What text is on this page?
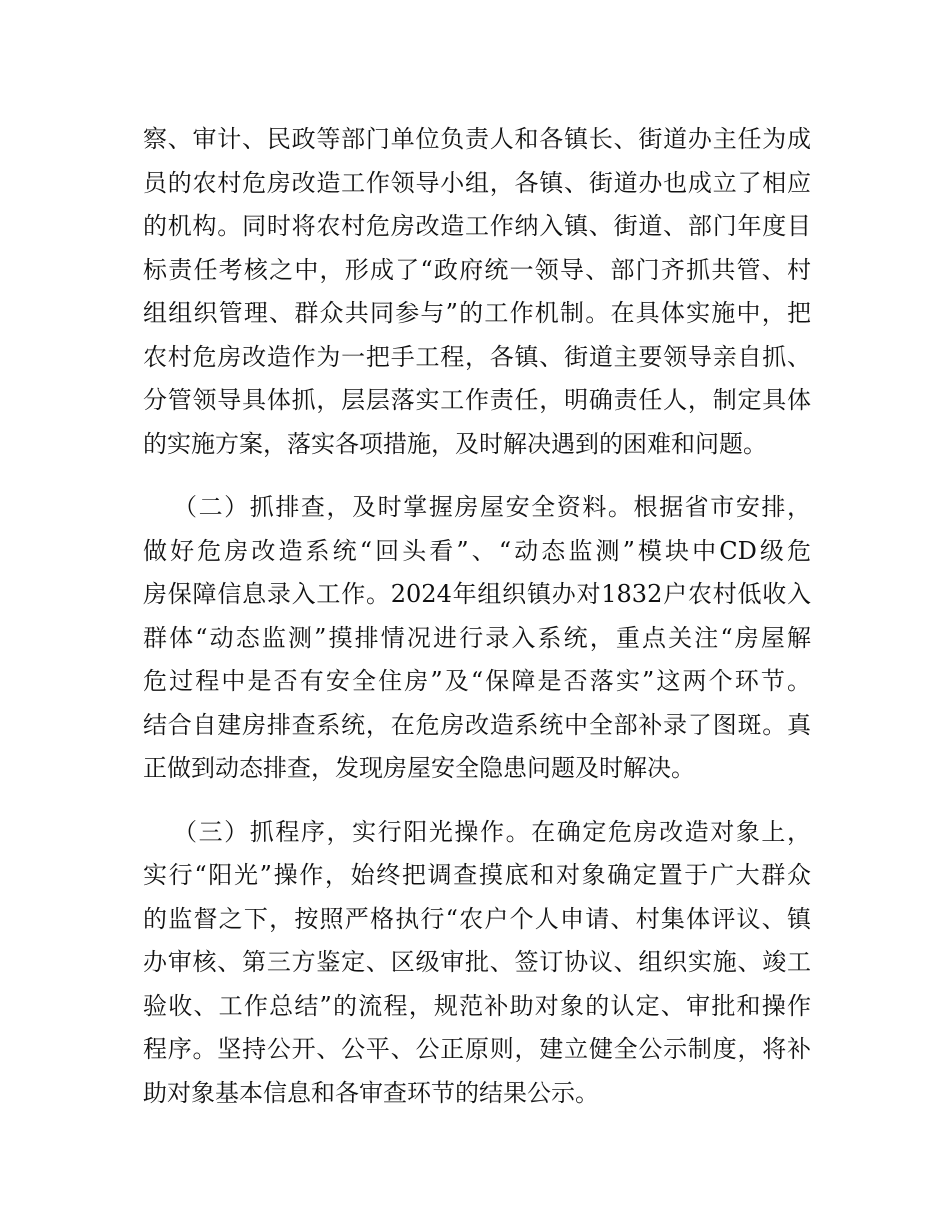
察、审计、民政等部门单位负责人和各镇长、街道办主任为成
员的农村危房改造工作领导小组，各镇、街道办也成立了相应
的机构。同时将农村危房改造工作纳入镇、街道、部门年度目
标责任考核之中，形成了“政府统一领导、部门齐抓共管、村
组组织管理、群众共同参与”的工作机制。在具体实施中，把
农村危房改造作为一把手工程，各镇、街道主要领导亲自抓、
分管领导具体抓，层层落实工作责任，明确责任人，制定具体
的实施方案，落实各项措施，及时解决遇到的困难和问题。
（二）抓排查，及时掌握房屋安全资料。根据省市安排，
做好危房改造系统“回头看”、“动态监测”模块中CD级危
房保障信息录入工作。2024年组织镇办对1832户农村低收入
群体“动态监测”摸排情况进行录入系统，重点关注“房屋解
危过程中是否有安全住房”及“保障是否落实”这两个环节。
结合自建房排查系统，在危房改造系统中全部补录了图斑。真
正做到动态排查，发现房屋安全隐患问题及时解决。
（三）抓程序，实行阳光操作。在确定危房改造对象上，
实行“阳光”操作，始终把调查摸底和对象确定置于广大群众
的监督之下，按照严格执行“农户个人申请、村集体评议、镇
办审核、第三方鉴定、区级审批、签订协议、组织实施、竣工
验收、工作总结”的流程，规范补助对象的认定、审批和操作
程序。坚持公开、公平、公正原则，建立健全公示制度，将补
助对象基本信息和各审查环节的结果公示。
